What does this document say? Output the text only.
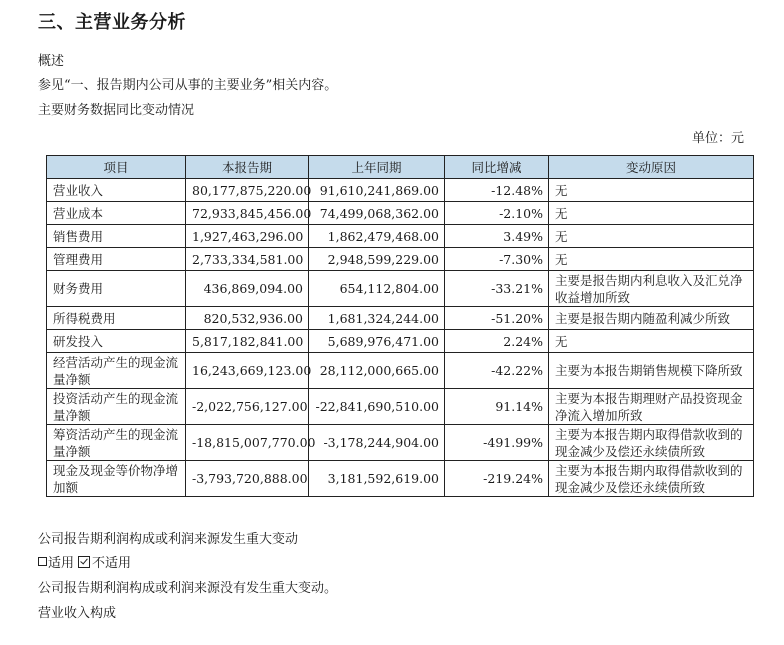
三、主营业务分析
概述
参见“一、报告期内公司从事的主要业务”相关内容。
主要财务数据同比变动情况
单位：元
项目	本报告期	上年同期	同比增减	变动原因
营业收入	80,177,875,220.00	91,610,241,869.00	-12.48%	无
营业成本	72,933,845,456.00	74,499,068,362.00	-2.10%	无
销售费用	1,927,463,296.00	1,862,479,468.00	3.49%	无
管理费用	2,733,334,581.00	2,948,599,229.00	-7.30%	无
财务费用	436,869,094.00	654,112,804.00	-33.21%	主要是报告期内利息收入及汇兑净收益增加所致
所得税费用	820,532,936.00	1,681,324,244.00	-51.20%	主要是报告期内随盈利减少所致
研发投入	5,817,182,841.00	5,689,976,471.00	2.24%	无
经营活动产生的现金流量净额	16,243,669,123.00	28,112,000,665.00	-42.22%	主要为本报告期销售规模下降所致
投资活动产生的现金流量净额	-2,022,756,127.00	-22,841,690,510.00	91.14%	主要为本报告期理财产品投资现金净流入增加所致
筹资活动产生的现金流量净额	-18,815,007,770.00	-3,178,244,904.00	-491.99%	主要为本报告期内取得借款收到的现金减少及偿还永续债所致
现金及现金等价物净增加额	-3,793,720,888.00	3,181,592,619.00	-219.24%	主要为本报告期内取得借款收到的现金减少及偿还永续债所致
公司报告期利润构成或利润来源发生重大变动
适用 不适用
公司报告期利润构成或利润来源没有发生重大变动。
营业收入构成
